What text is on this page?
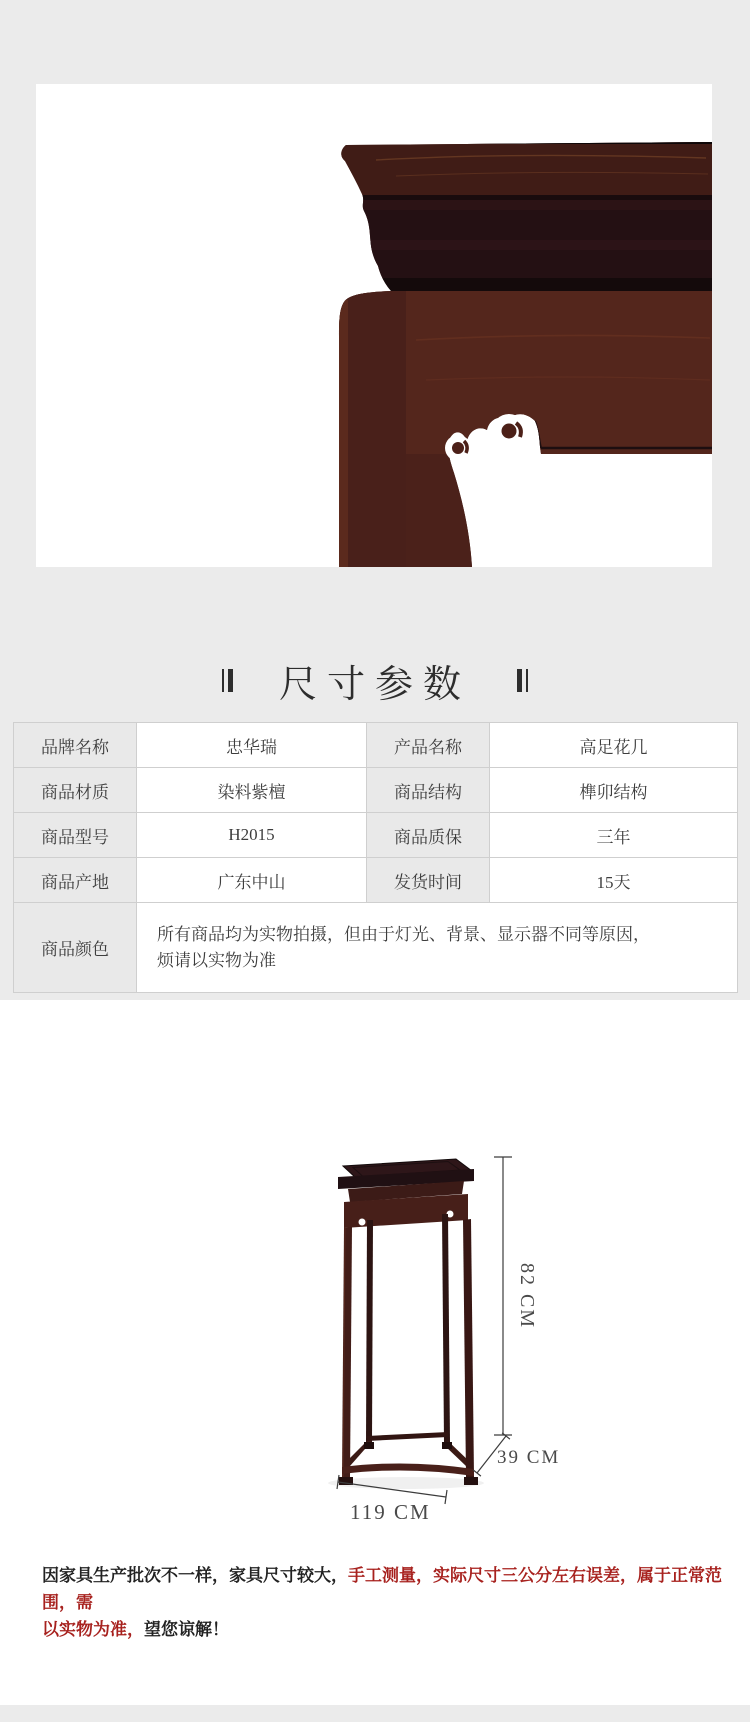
尺寸参数
品牌名称	忠华瑞	产品名称	高足花几
商品材质	染料紫檀	商品结构	榫卯结构
商品型号	H2015	商品质保	三年
商品产地	广东中山	发货时间	15天
商品颜色	所有商品均为实物拍摄，但由于灯光、背景、显示器不同等原因，
烦请以实物为准		
82 CM
39 CM
119 CM
因家具生产批次不一样，家具尺寸较大，手工测量，实际尺寸三公分左右误差，属于正常范围，需
以实物为准，望您谅解！
